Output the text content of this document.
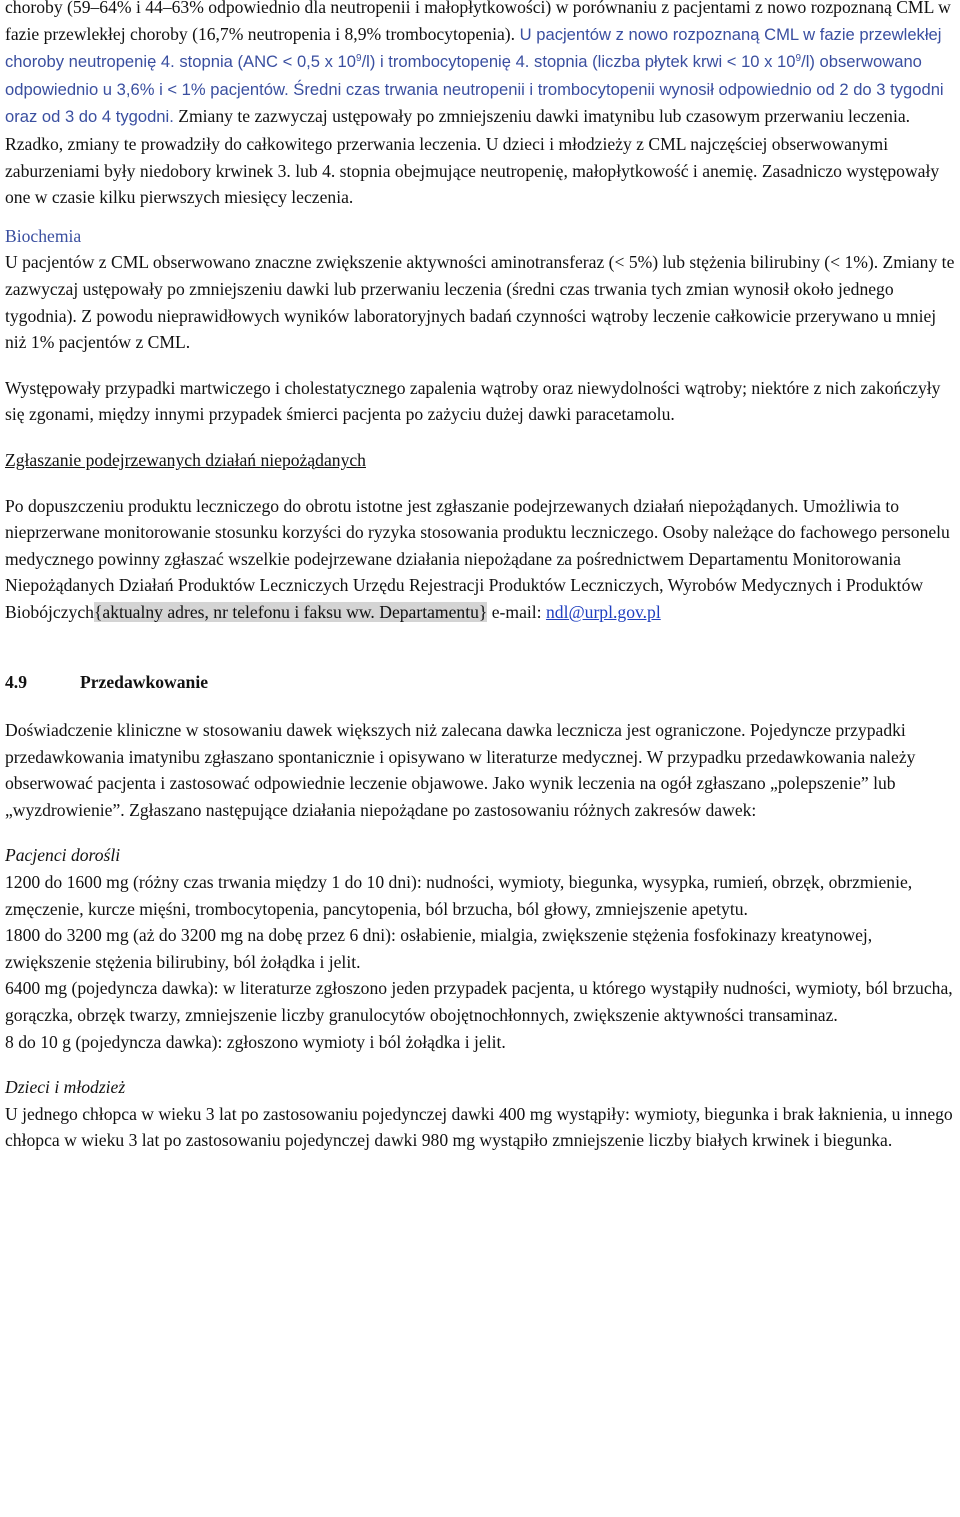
choroby (59–64% i 44–63% odpowiednio dla neutropenii i małopłytkowości) w porównaniu z pacjentami z nowo rozpoznaną CML w fazie przewlekłej choroby (16,7% neutropenia i 8,9% trombocytopenia). U pacjentów z nowo rozpoznaną CML w fazie przewlekłej choroby neutropenię 4. stopnia (ANC < 0,5 x $10^9/l$) i trombocytopenię 4. stopnia (liczba płytek krwi < 10 x $10^9/l$) obserwowano odpowiednio u 3,6% i < 1% pacjentów. Średni czas trwania neutropenii i trombocytopenii wynosił odpowiednio od 2 do 3 tygodni oraz od 3 do 4 tygodni. Zmiany te zazwyczaj ustępowały po zmniejszeniu dawki imatynibu lub czasowym przerwaniu leczenia. Rzadko, zmiany te prowadziły do całkowitego przerwania leczenia. U dzieci i młodzieży z CML najczęściej obserwowanymi zaburzeniami były niedobory krwinek 3. lub 4. stopnia obejmujące neutropenię, małopłytkowość i anemię. Zasadniczo występowały one w czasie kilku pierwszych miesięcy leczenia.

Biochemia

U pacjentów z CML obserwowano znaczne zwiększenie aktywności aminotransferaz (< 5%) lub stężenia bilirubiny (< 1%). Zmiany te zazwyczaj ustępowały po zmniejszeniu dawki lub przerwaniu leczenia (średni czas trwania tych zmian wynosił około jednego tygodnia). Z powodu nieprawidłowych wyników laboratoryjnych badań czynności wątroby leczenie całkowicie przerywano u mniej niż 1% pacjentów z CML.

Występowały przypadki martwiczego i cholestatycznego zapalenia wątroby oraz niewydolności wątroby; niektóre z nich zakończyły się zgonami, między innymi przypadek śmierci pacjenta po zażyciu dużej dawki paracetamolu.

Zgłaszanie podejrzewanych działań niepożądanych

Po dopuszczeniu produktu leczniczego do obrotu istotne jest zgłaszanie podejrzewanych działań niepożądanych. Umożliwia to nieprzerwane monitorowanie stosunku korzyści do ryzyka stosowania produktu leczniczego. Osoby należące do fachowego personelu medycznego powinny zgłaszać wszelkie podejrzewane działania niepożądane za pośrednictwem Departamentu Monitorowania Niepożądanych Działań Produktów Leczniczych Urzędu Rejestracji Produktów Leczniczych, Wyrobów Medycznych i Produktów Biobójczych{aktualny adres, nr telefonu i faksu ww. Departamentu} e-mail: ndl@urpl.gov.pl

4.9	Przedawkowanie

Doświadczenie kliniczne w stosowaniu dawek większych niż zalecana dawka lecznicza jest ograniczone. Pojedyncze przypadki przedawkowania imatynibu zgłaszano spontanicznie i opisywano w literaturze medycznej. W przypadku przedawkowania należy obserwować pacjenta i zastosować odpowiednie leczenie objawowe. Jako wynik leczenia na ogół zgłaszano „polepszenie” lub „wyzdrowienie”. Zgłaszano następujące działania niepożądane po zastosowaniu różnych zakresów dawek:

Pacjenci dorośli

1200 do 1600 mg (różny czas trwania między 1 do 10 dni): nudności, wymioty, biegunka, wysypka, rumień, obrzęk, obrzmienie, zmęczenie, kurcze mięśni, trombocytopenia, pancytopenia, ból brzucha, ból głowy, zmniejszenie apetytu.

1800 do 3200 mg (aż do 3200 mg na dobę przez 6 dni): osłabienie, mialgia, zwiększenie stężenia fosfokinazy kreatynowej, zwiększenie stężenia bilirubiny, ból żołądka i jelit.

6400 mg (pojedyncza dawka): w literaturze zgłoszono jeden przypadek pacjenta, u którego wystąpiły nudności, wymioty, ból brzucha, gorączka, obrzęk twarzy, zmniejszenie liczby granulocytów obojętnochłonnych, zwiększenie aktywności transaminaz.

8 do 10 g (pojedyncza dawka): zgłoszono wymioty i ból żołądka i jelit.

Dzieci i młodzież

U jednego chłopca w wieku 3 lat po zastosowaniu pojedynczej dawki 400 mg wystąpiły: wymioty, biegunka i brak łaknienia, u innego chłopca w wieku 3 lat po zastosowaniu pojedynczej dawki 980 mg wystąpiło zmniejszenie liczby białych krwinek i biegunka.
